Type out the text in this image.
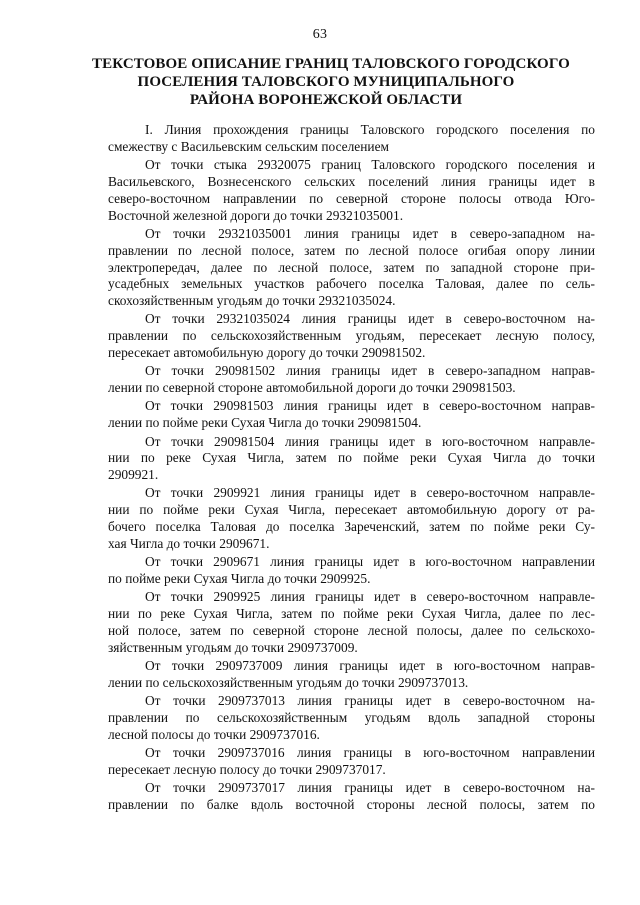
63
ТЕКСТОВОЕ ОПИСАНИЕ ГРАНИЦ ТАЛОВСКОГО ГОРОДСКОГО
ПОСЕЛЕНИЯ ТАЛОВСКОГО МУНИЦИПАЛЬНОГО
РАЙОНА ВОРОНЕЖСКОЙ ОБЛАСТИ
I. Линия прохождения границы Таловского городского поселения по
смежеству с Васильевским сельским поселением
От точки стыка 29320075 границ Таловского городского поселения и
Васильевского, Вознесенского сельских поселений линия границы идет в
северо-восточном направлении по северной стороне полосы отвода Юго-
Восточной железной дороги до точки 29321035001.
От точки 29321035001 линия границы идет в северо-западном на-
правлении по лесной полосе, затем по лесной полосе огибая опору линии
электропередач, далее по лесной полосе, затем по западной стороне при-
усадебных земельных участков рабочего поселка Таловая, далее по сель-
скохозяйственным угодьям до точки 29321035024.
От точки 29321035024 линия границы идет в северо-восточном на-
правлении по сельскохозяйственным угодьям, пересекает лесную полосу,
пересекает автомобильную дорогу до точки 290981502.
От точки 290981502 линия границы идет в северо-западном направ-
лении по северной стороне автомобильной дороги до точки 290981503.
От точки 290981503 линия границы идет в северо-восточном направ-
лении по пойме реки Сухая Чигла до точки 290981504.
От точки 290981504 линия границы идет в юго-восточном направле-
нии по реке Сухая Чигла, затем по пойме реки Сухая Чигла до точки
2909921.
От точки 2909921 линия границы идет в северо-восточном направле-
нии по пойме реки Сухая Чигла, пересекает автомобильную дорогу от ра-
бочего поселка Таловая до поселка Зареченский, затем по пойме реки Су-
хая Чигла до точки 2909671.
От точки 2909671 линия границы идет в юго-восточном направлении
по пойме реки Сухая Чигла до точки 2909925.
От точки 2909925 линия границы идет в северо-восточном направле-
нии по реке Сухая Чигла, затем по пойме реки Сухая Чигла, далее по лес-
ной полосе, затем по северной стороне лесной полосы, далее по сельскохо-
зяйственным угодьям до точки 2909737009.
От точки 2909737009 линия границы идет в юго-восточном направ-
лении по сельскохозяйственным угодьям до точки 2909737013.
От точки 2909737013 линия границы идет в северо-восточном на-
правлении по сельскохозяйственным угодьям вдоль западной стороны
лесной полосы до точки 2909737016.
От точки 2909737016 линия границы в юго-восточном направлении
пересекает лесную полосу до точки 2909737017.
От точки 2909737017 линия границы идет в северо-восточном на-
правлении по балке вдоль восточной стороны лесной полосы, затем по
